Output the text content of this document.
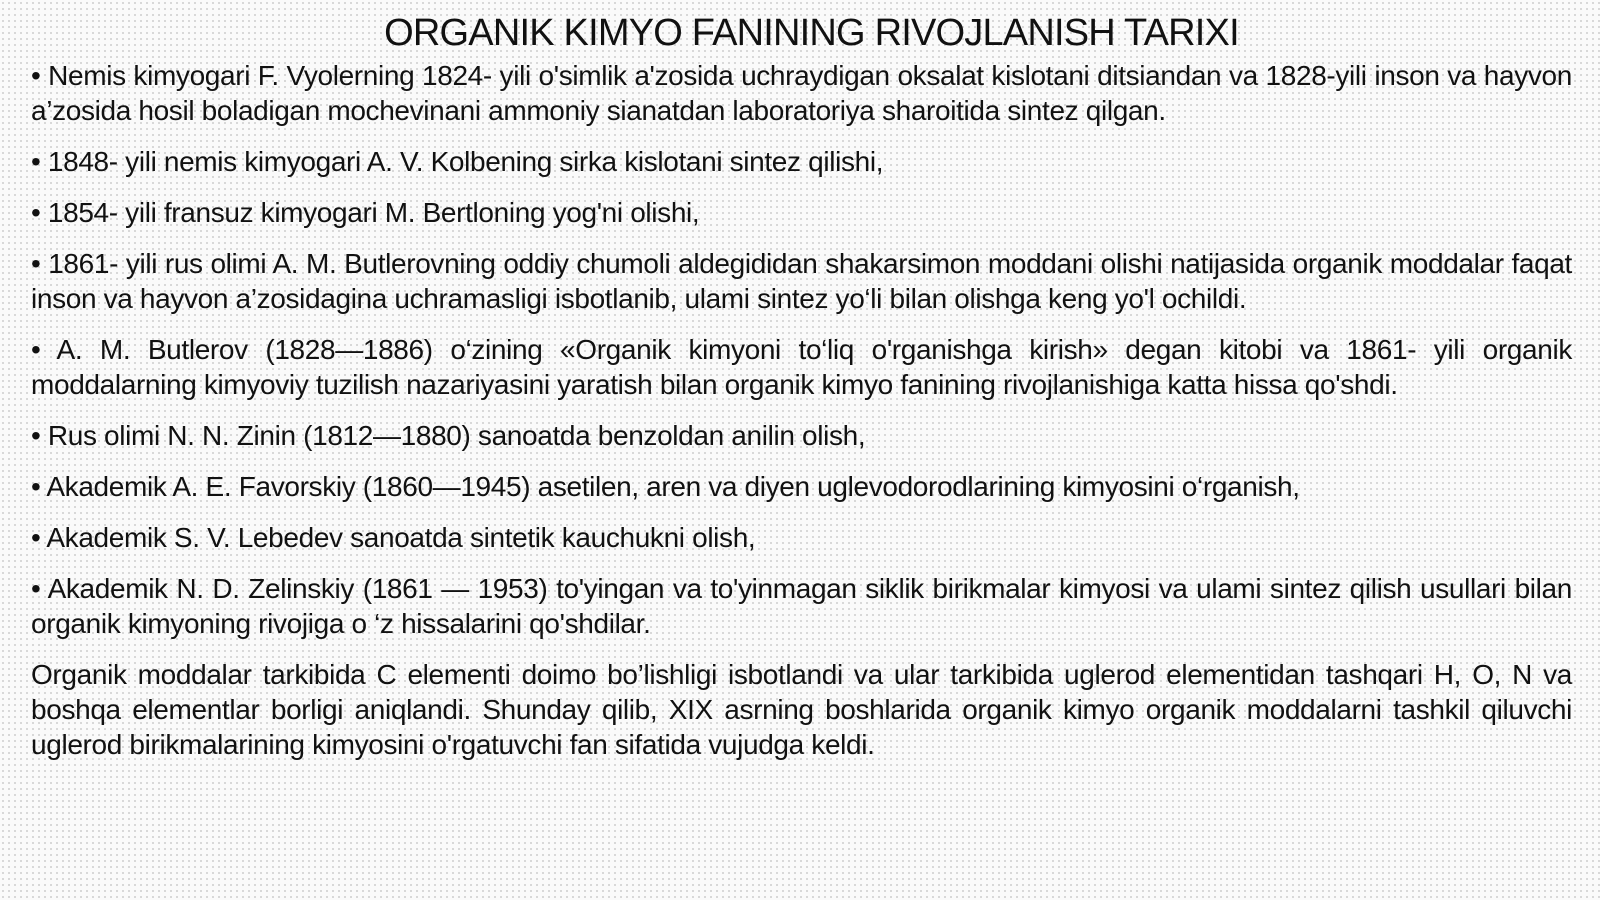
ORGANIK KIMYO FANINING RIVOJLANISH TARIXI

• Nemis kimyogari F. Vyolerning 1824- yili o'simlik a'zosida uchraydigan oksalat kislotani ditsiandan va 1828-yili inson va hayvon a’zosida hosil boladigan mochevinani ammoniy sianatdan laboratoriya sharoitida sintez qilgan.

• 1848- yili nemis kimyogari A. V. Kolbening sirka kislotani sintez qilishi,

• 1854- yili fransuz kimyogari M. Bertloning yog'ni olishi,

• 1861- yili rus olimi A. M. Butlerovning oddiy chumoli aldegididan shakarsimon moddani olishi natijasida organik moddalar faqat inson va hayvon a’zosidagina uchramasligi isbotlanib, ulami sintez yo‘li bilan olishga keng yo'l ochildi.

• A. M. Butlerov (1828—1886) o‘zining «Organik kimyoni to‘liq o'rganishga kirish» degan kitobi va 1861- yili organik moddalarning kimyoviy tuzilish nazariyasini yaratish bilan organik kimyo fanining rivojlanishiga katta hissa qo'shdi.

• Rus olimi N. N. Zinin (1812—1880) sanoatda benzoldan anilin olish,

• Akademik A. E. Favorskiy (1860—1945) asetilen, aren va diyen uglevodorodlarining kimyosini o‘rganish,

• Akademik S. V. Lebedev sanoatda sintetik kauchukni olish,

• Akademik N. D. Zelinskiy (1861 — 1953) to'yingan va to'yinmagan siklik birikmalar kimyosi va ulami sintez qilish usullari bilan organik kimyoning rivojiga o ‘z hissalarini qo'shdilar.

Organik moddalar tarkibida C elementi doimo bo’lishligi isbotlandi va ular tarkibida uglerod elementidan tashqari H, O, N va boshqa elementlar borligi aniqlandi. Shunday qilib, XIX asrning boshlarida organik kimyo organik moddalarni tashkil qiluvchi uglerod birikmalarining kimyosini o'rgatuvchi fan sifatida vujudga keldi.
